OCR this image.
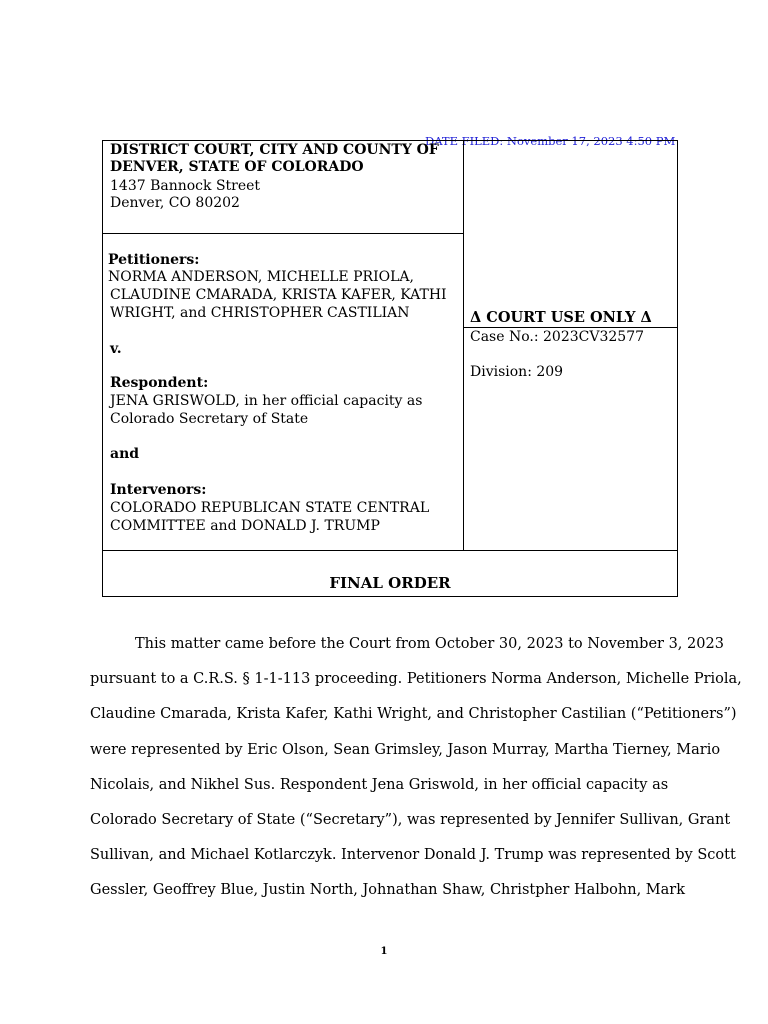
DATE FILED: November 17, 2023 4:50 PM
DISTRICT COURT, CITY AND COUNTY OF
DENVER, STATE OF COLORADO
1437 Bannock Street
Denver, CO 80202
Petitioners:
NORMA ANDERSON, MICHELLE PRIOLA,
CLAUDINE CMARADA, KRISTA KAFER, KATHI
WRIGHT, and CHRISTOPHER CASTILIAN
v.
Respondent:
JENA GRISWOLD, in her official capacity as
Colorado Secretary of State
and
Intervenors:
COLORADO REPUBLICAN STATE CENTRAL
COMMITTEE and DONALD J. TRUMP
Δ COURT USE ONLY Δ
Case No.: 2023CV32577
Division: 209
FINAL ORDER

This matter came before the Court from October 30, 2023 to November 3, 2023

pursuant to a C.R.S. § 1-1-113 proceeding. Petitioners Norma Anderson, Michelle Priola,

Claudine Cmarada, Krista Kafer, Kathi Wright, and Christopher Castilian (“Petitioners”)

were represented by Eric Olson, Sean Grimsley, Jason Murray, Martha Tierney, Mario

Nicolais, and Nikhel Sus. Respondent Jena Griswold, in her official capacity as

Colorado Secretary of State (“Secretary”), was represented by Jennifer Sullivan, Grant

Sullivan, and Michael Kotlarczyk. Intervenor Donald J. Trump was represented by Scott

Gessler, Geoffrey Blue, Justin North, Johnathan Shaw, Christpher Halbohn, Mark

1
